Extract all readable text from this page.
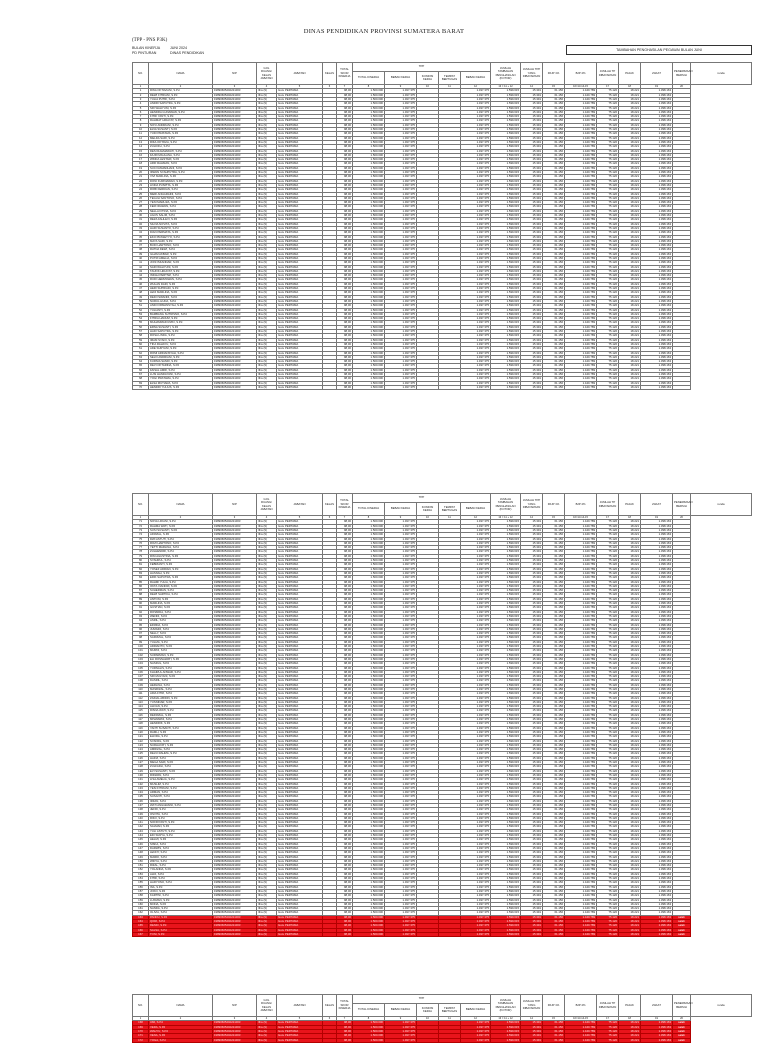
DINAS PENDIDIKAN PROVINSI SUMATERA BARAT
(TPP - PNS P3K)
BULAN KINERJA	JUNI 2024
PD PINTURAN	DINAS PENDIDIKAN
TAMBAHAN PENGHASILAN PEGAWAI BULAN JUNI
NO.	NAMA	NIP	GOL RUANG/ KELAS JABATAN	JABATAN	KELAS	TOTAL SKOR KINERJA	TPP					JUMLAH TAMBAHAN PENGHASILAN (KOTOR)	JUMLAH TPP YANG DIBAYARKAN	PAJP 1%	BJP 4%	JUMLAH TP DIBAYARKAN	PAJAK	ZAKAT	PENERIMAAN BERSIH	renda
							TOTAL KINERJA	BEBAN KERJA	KONDISI KERJA	TEMPAT BERTUGAS	BEBAN KERJA									
1	2	3	4	5	6	7	8	9	10	11	12	13 = 11 + 12	14	15	16=13-14-15	17	18	19	20	
1	RINA OKTAVIANI, S.Pd	19890605202221003	III/a (9)	Guru PERTAMA		98,00	1.500.000	1.497.375			1.497.375	1.599.615	15.391	61.156	1.440.789	75.120	18.221	1.398.163		
2	DEWI FITRIANI, S.Pd	19890605202221003	III/a (9)	Guru PERTAMA		98,00	1.500.000	1.497.375			1.497.375	1.599.615	15.391	61.156	1.440.789	75.120	18.221	1.398.163		
3	YULIA PUTRI, S.Pd	19890605202221003	III/a (9)	Guru PERTAMA		98,00	1.500.000	1.497.375			1.497.375	1.599.615	15.391	61.156	1.440.789	75.120	18.221	1.398.163		
4	ANDRI SAPUTRA, S.Pd	19890605202221003	III/a (9)	Guru PERTAMA		98,00	1.500.000	1.497.375			1.497.375	1.599.615	15.391	61.156	1.440.789	75.120	18.221	1.398.163		
5	SRI WAHYUNI, S.Pd	19890605202221003	III/a (9)	Guru PERTAMA		98,00	1.500.000	1.497.375			1.497.375	1.599.615	15.391	61.156	1.440.789	75.120	18.221	1.398.163		
6	HENDRA GUNAWAN, S.Pd	19890605202221003	III/a (9)	Guru PERTAMA		98,00	1.500.000	1.497.375			1.497.375	1.599.615	15.391	61.156	1.440.789	75.120	18.221	1.398.163		
7	FITRI YANTI, S.Pd	19890605202221003	III/a (9)	Guru PERTAMA		98,00	1.500.000	1.497.375			1.497.375	1.599.615	15.391	61.156	1.440.789	75.120	18.221	1.398.163		
8	RAHMAT HIDAYAT, S.Pd	19890605202221003	III/a (9)	Guru PERTAMA		98,00	1.500.000	1.497.375			1.497.375	1.599.615	15.391	61.156	1.440.789	75.120	18.221	1.398.163		
9	NOVI ANDRIANI, S.Pd	19890605202221003	III/a (9)	Guru PERTAMA		98,00	1.500.000	1.497.375			1.497.375	1.599.615	15.391	61.156	1.440.789	75.120	18.221	1.398.163		
10	ELVA SUSANTI, S.Pd	19890605202221003	III/a (9)	Guru PERTAMA		98,00	1.500.000	1.497.375			1.497.375	1.599.615	15.391	61.156	1.440.789	75.120	18.221	1.398.163		
11	YUDI PRATAMA, S.Pd	19890605202221003	III/a (9)	Guru PERTAMA		98,00	1.500.000	1.497.375			1.497.375	1.599.615	15.391	61.156	1.440.789	75.120	18.221	1.398.163		
12	MELDA SARI, S.Pd	19890605202221003	III/a (9)	Guru PERTAMA		98,00	1.500.000	1.497.375			1.497.375	1.599.615	15.391	61.156	1.440.789	75.120	18.221	1.398.163		
13	RIKA OKTAVIA, S.Pd	19890605202221003	III/a (9)	Guru PERTAMA		98,00	1.500.000	1.497.375			1.497.375	1.599.615	15.391	61.156	1.440.789	75.120	18.221	1.398.163		
14	ZULKIFLI, S.Pd	19890605202221003	III/a (9)	Guru PERTAMA		98,00	1.500.000	1.497.375			1.497.375	1.599.615	15.391	61.156	1.440.789	75.120	18.221	1.398.163		
15	DESI RAHMAWATI, S.Pd	19890605202221003	III/a (9)	Guru PERTAMA		98,00	1.500.000	1.497.375			1.497.375	1.599.615	15.391	61.156	1.440.789	75.120	18.221	1.398.163		
16	FAJRI MAULANA, S.Pd	19890605202221003	III/a (9)	Guru PERTAMA		98,00	1.500.000	1.497.375			1.497.375	1.599.615	15.391	61.156	1.440.789	75.120	18.221	1.398.163		
17	WINDA LESTARI, S.Pd	19890605202221003	III/a (9)	Guru PERTAMA		98,00	1.500.000	1.497.375			1.497.375	1.599.615	15.391	61.156	1.440.789	75.120	18.221	1.398.163		
18	ARIF RAHMAN, S.Pd	19890605202221003	III/a (9)	Guru PERTAMA		98,00	1.500.000	1.497.375			1.497.375	1.599.615	15.391	61.156	1.440.789	75.120	18.221	1.398.163		
19	SUCI RAMADHANI, S.Pd	19890605202221003	III/a (9)	Guru PERTAMA		98,00	1.500.000	1.497.375			1.497.375	1.599.615	15.391	61.156	1.440.789	75.120	18.221	1.398.163		
20	IRWAN SYAHPUTRA, S.Pd	19890605202221003	III/a (9)	Guru PERTAMA		98,00	1.500.000	1.497.375			1.497.375	1.599.615	15.391	61.156	1.440.789	75.120	18.221	1.398.163		
21	VIVI MARLINA, S.Pd	19890605202221003	III/a (9)	Guru PERTAMA		98,00	1.500.000	1.497.375			1.497.375	1.599.615	15.391	61.156	1.440.789	75.120	18.221	1.398.163		
22	DONI KURNIAWAN, S.Pd	19890605202221003	III/a (9)	Guru PERTAMA		98,00	1.500.000	1.497.375			1.497.375	1.599.615	15.391	61.156	1.440.789	75.120	18.221	1.398.163		
23	LINDA PUSPITA, S.Pd	19890605202221003	III/a (9)	Guru PERTAMA		98,00	1.500.000	1.497.375			1.497.375	1.599.615	15.391	61.156	1.440.789	75.120	18.221	1.398.163		
24	ROBI FERDIAN, S.Pd	19890605202221003	III/a (9)	Guru PERTAMA		98,00	1.500.000	1.497.375			1.497.375	1.599.615	15.391	61.156	1.440.789	75.120	18.221	1.398.163		
25	MERI ANGGRAINI, S.Pd	19890605202221003	III/a (9)	Guru PERTAMA		98,00	1.500.000	1.497.375			1.497.375	1.599.615	15.391	61.156	1.440.789	75.120	18.221	1.398.163		
26	TEGUH SANTOSO, S.Pd	19890605202221003	III/a (9)	Guru PERTAMA		98,00	1.500.000	1.497.375			1.497.375	1.599.615	15.391	61.156	1.440.789	75.120	18.221	1.398.163		
27	YENI MARLIZA, S.Pd	19890605202221003	III/a (9)	Guru PERTAMA		98,00	1.500.000	1.497.375			1.497.375	1.599.615	15.391	61.156	1.440.789	75.120	18.221	1.398.163		
28	FERI IRAWAN, S.Pd	19890605202221003	III/a (9)	Guru PERTAMA		98,00	1.500.000	1.497.375			1.497.375	1.599.615	15.391	61.156	1.440.789	75.120	18.221	1.398.163		
29	NELLA FITRIA, S.Pd	19890605202221003	III/a (9)	Guru PERTAMA		98,00	1.500.000	1.497.375			1.497.375	1.599.615	15.391	61.156	1.440.789	75.120	18.221	1.398.163		
30	AGUS SALIM, S.Pd	19890605202221003	III/a (9)	Guru PERTAMA		98,00	1.500.000	1.497.375			1.497.375	1.599.615	15.391	61.156	1.440.789	75.120	18.221	1.398.163		
31	REZA FAHLEVI, S.Pd	19890605202221003	III/a (9)	Guru PERTAMA		98,00	1.500.000	1.497.375			1.497.375	1.599.615	15.391	61.156	1.440.789	75.120	18.221	1.398.163		
32	SILVIA NOVITA, S.Pd	19890605202221003	III/a (9)	Guru PERTAMA		98,00	1.500.000	1.497.375			1.497.375	1.599.615	15.391	61.156	1.440.789	75.120	18.221	1.398.163		
33	HARI SUSANTO, S.Pd	19890605202221003	III/a (9)	Guru PERTAMA		98,00	1.500.000	1.497.375			1.497.375	1.599.615	15.391	61.156	1.440.789	75.120	18.221	1.398.163		
34	DIAN PERMATA, S.Pd	19890605202221003	III/a (9)	Guru PERTAMA		98,00	1.500.000	1.497.375			1.497.375	1.599.615	15.391	61.156	1.440.789	75.120	18.221	1.398.163		
35	EKO PRASETYO, S.Pd	19890605202221003	III/a (9)	Guru PERTAMA		98,00	1.500.000	1.497.375			1.497.375	1.599.615	15.391	61.156	1.440.789	75.120	18.221	1.398.163		
36	MAYA SARI, S.Pd	19890605202221003	III/a (9)	Guru PERTAMA		98,00	1.500.000	1.497.375			1.497.375	1.599.615	15.391	61.156	1.440.789	75.120	18.221	1.398.163		
37	BUDI HARTONO, S.Pd	19890605202221003	III/a (9)	Guru PERTAMA		98,00	1.500.000	1.497.375			1.497.375	1.599.615	15.391	61.156	1.440.789	75.120	18.221	1.398.163		
38	RATNA DEWI, S.Pd	19890605202221003	III/a (9)	Guru PERTAMA		98,00	1.500.000	1.497.375			1.497.375	1.599.615	15.391	61.156	1.440.789	75.120	18.221	1.398.163		
39	ILHAM AKBAR, S.Pd	19890605202221003	III/a (9)	Guru PERTAMA		98,00	1.500.000	1.497.375			1.497.375	1.599.615	15.391	61.156	1.440.789	75.120	18.221	1.398.163		
40	PUTRI AMELIA, S.Pd	19890605202221003	III/a (9)	Guru PERTAMA		98,00	1.500.000	1.497.375			1.497.375	1.599.615	15.391	61.156	1.440.789	75.120	18.221	1.398.163		
41	JONI ISKANDAR, S.Pd	19890605202221003	III/a (9)	Guru PERTAMA		98,00	1.500.000	1.497.375			1.497.375	1.599.615	15.391	61.156	1.440.789	75.120	18.221	1.398.163		
42	SARI WAHYUNI, S.Pd	19890605202221003	III/a (9)	Guru PERTAMA		98,00	1.500.000	1.497.375			1.497.375	1.599.615	15.391	61.156	1.440.789	75.120	18.221	1.398.163		
43	TAUFIK HIDAYAT, S.Pd	19890605202221003	III/a (9)	Guru PERTAMA		98,00	1.500.000	1.497.375			1.497.375	1.599.615	15.391	61.156	1.440.789	75.120	18.221	1.398.163		
44	INDAH PERTIWI, S.Pd	19890605202221003	III/a (9)	Guru PERTAMA		98,00	1.500.000	1.497.375			1.497.375	1.599.615	15.391	61.156	1.440.789	75.120	18.221	1.398.163		
45	RUDI HERMAWAN, S.Pd	19890605202221003	III/a (9)	Guru PERTAMA		98,00	1.500.000	1.497.375			1.497.375	1.599.615	15.391	61.156	1.440.789	75.120	18.221	1.398.163		
46	WULAN DARI, S.Pd	19890605202221003	III/a (9)	Guru PERTAMA		98,00	1.500.000	1.497.375			1.497.375	1.599.615	15.391	61.156	1.440.789	75.120	18.221	1.398.163		
47	HERI SUPRIADI, S.Pd	19890605202221003	III/a (9)	Guru PERTAMA		98,00	1.500.000	1.497.375			1.497.375	1.599.615	15.391	61.156	1.440.789	75.120	18.221	1.398.163		
48	LENI MARLINA, S.Pd	19890605202221003	III/a (9)	Guru PERTAMA		98,00	1.500.000	1.497.375			1.497.375	1.599.615	15.391	61.156	1.440.789	75.120	18.221	1.398.163		
49	DEDI ISWANDI, S.Pd	19890605202221003	III/a (9)	Guru PERTAMA		98,00	1.500.000	1.497.375			1.497.375	1.599.615	15.391	61.156	1.440.789	75.120	18.221	1.398.163		
50	NURUL HUDA, S.Pd	19890605202221003	III/a (9)	Guru PERTAMA		98,00	1.500.000	1.497.375			1.497.375	1.599.615	15.391	61.156	1.440.789	75.120	18.221	1.398.163		
51	ANDI FIRMANSYAH, S.Pd	19890605202221003	III/a (9)	Guru PERTAMA		98,00	1.500.000	1.497.375			1.497.375	1.599.615	15.391	61.156	1.440.789	75.120	18.221	1.398.163		
52	YULIANTI, S.Pd	19890605202221003	III/a (9)	Guru PERTAMA		98,00	1.500.000	1.497.375			1.497.375	1.599.615	15.391	61.156	1.440.789	75.120	18.221	1.398.163		
53	BAMBANG SUTRISNO, S.Pd	19890605202221003	III/a (9)	Guru PERTAMA		98,00	1.500.000	1.497.375			1.497.375	1.599.615	15.391	61.156	1.440.789	75.120	18.221	1.398.163		
54	FITRIA HANUM, S.Pd	19890605202221003	III/a (9)	Guru PERTAMA		98,00	1.500.000	1.497.375			1.497.375	1.599.615	15.391	61.156	1.440.789	75.120	18.221	1.398.163		
55	MUHAMMAD RIZKI, S.Pd	19890605202221003	III/a (9)	Guru PERTAMA		98,00	1.500.000	1.497.375			1.497.375	1.599.615	15.391	61.156	1.440.789	75.120	18.221	1.398.163		
56	ERNA SUSANTI, S.Pd	19890605202221003	III/a (9)	Guru PERTAMA		98,00	1.500.000	1.497.375			1.497.375	1.599.615	15.391	61.156	1.440.789	75.120	18.221	1.398.163		
57	HADI SAPUTRA, S.Pd	19890605202221003	III/a (9)	Guru PERTAMA		98,00	1.500.000	1.497.375			1.497.375	1.599.615	15.391	61.156	1.440.789	75.120	18.221	1.398.163		
58	ROSA LINDA, S.Pd	19890605202221003	III/a (9)	Guru PERTAMA		98,00	1.500.000	1.497.375			1.497.375	1.599.615	15.391	61.156	1.440.789	75.120	18.221	1.398.163		
59	IMAM SYAFII, S.Pd	19890605202221003	III/a (9)	Guru PERTAMA		98,00	1.500.000	1.497.375			1.497.375	1.599.615	15.391	61.156	1.440.789	75.120	18.221	1.398.163		
60	TIKA RAHAYU, S.Pd	19890605202221003	III/a (9)	Guru PERTAMA		98,00	1.500.000	1.497.375			1.497.375	1.599.615	15.391	61.156	1.440.789	75.120	18.221	1.398.163		
61	ADE SURYANI, S.Pd	19890605202221003	III/a (9)	Guru PERTAMA		98,00	1.500.000	1.497.375			1.497.375	1.599.615	15.391	61.156	1.440.789	75.120	18.221	1.398.163		
62	ROMI ARDIANSYAH, S.Pd	19890605202221003	III/a (9)	Guru PERTAMA		98,00	1.500.000	1.497.375			1.497.375	1.599.615	15.391	61.156	1.440.789	75.120	18.221	1.398.163		
63	SELVI ANDRIANI, S.Pd	19890605202221003	III/a (9)	Guru PERTAMA		98,00	1.500.000	1.497.375			1.497.375	1.599.615	15.391	61.156	1.440.789	75.120	18.221	1.398.163		
64	KURNIA SANDI, S.Pd	19890605202221003	III/a (9)	Guru PERTAMA		98,00	1.500.000	1.497.375			1.497.375	1.599.615	15.391	61.156	1.440.789	75.120	18.221	1.398.163		
65	DEVI OKTARINA, S.Pd	19890605202221003	III/a (9)	Guru PERTAMA		98,00	1.500.000	1.497.375			1.497.375	1.599.615	15.391	61.156	1.440.789	75.120	18.221	1.398.163		
66	FAISAL AMRI, S.Pd	19890605202221003	III/a (9)	Guru PERTAMA		98,00	1.500.000	1.497.375			1.497.375	1.599.615	15.391	61.156	1.440.789	75.120	18.221	1.398.163		
67	LUSI HANDAYANI, S.Pd	19890605202221003	III/a (9)	Guru PERTAMA		98,00	1.500.000	1.497.375			1.497.375	1.599.615	15.391	61.156	1.440.789	75.120	18.221	1.398.163		
68	YOGI PRATAMA, S.Pd	19890605202221003	III/a (9)	Guru PERTAMA		98,00	1.500.000	1.497.375			1.497.375	1.599.615	15.391	61.156	1.440.789	75.120	18.221	1.398.163		
69	ELSA MUTIARA, S.Pd	19890605202221003	III/a (9)	Guru PERTAMA		98,00	1.500.000	1.497.375			1.497.375	1.599.615	15.391	61.156	1.440.789	75.120	18.221	1.398.163		
70	HENDRI YULIUS, S.Pd	19890605202221003	III/a (9)	Guru PERTAMA		98,00	1.500.000	1.497.375			1.497.375	1.599.615	15.391	61.156	1.440.789	75.120	18.221	1.398.163		
NO.	NAMA	NIP	GOL RUANG/ KELAS JABATAN	JABATAN	KELAS	TOTAL SKOR KINERJA	TPP					JUMLAH TAMBAHAN PENGHASILAN (KOTOR)	JUMLAH TPP YANG DIBAYARKAN	PAJP 1%	BJP 4%	JUMLAH TP DIBAYARKAN	PAJAK	ZAKAT	PENERIMAAN BERSIH	renda
							TOTAL KINERJA	BEBAN KERJA	KONDISI KERJA	TEMPAT BERTUGAS	BEBAN KERJA									
1	2	3	4	5	6	7	8	9	10	11	12	13 = 11 + 12	14	15	16=13-14-15	17	18	19	20	
71	NOVA LIFIANI, S.Pd	19890605202221003	III/a (9)	Guru PERTAMA		98,00	1.500.000	1.497.375			1.497.375	1.599.615	15.391	61.156	1.440.789	75.120	18.221	1.398.163		
72	RAHMA WATI, S.Pd	19890605202221003	III/a (9)	Guru PERTAMA		98,00	1.500.000	1.497.375			1.497.375	1.599.615	15.391	61.156	1.440.789	75.120	18.221	1.398.163		
73	SUSI SUSANTI, S.Pd	19890605202221003	III/a (9)	Guru PERTAMA		98,00	1.500.000	1.497.375			1.497.375	1.599.615	15.391	61.156	1.440.789	75.120	18.221	1.398.163		
74	AFRIZAL, S.Pd	19890605202221003	III/a (9)	Guru PERTAMA		98,00	1.500.000	1.497.375			1.497.375	1.599.615	15.391	61.156	1.440.789	75.120	18.221	1.398.163		
75	DWI ASTUTI, S.Pd	19890605202221003	III/a (9)	Guru PERTAMA		98,00	1.500.000	1.497.375			1.497.375	1.599.615	15.391	61.156	1.440.789	75.120	18.221	1.398.163		
76	ROZI HARTONO, S.Pd	19890605202221003	III/a (9)	Guru PERTAMA		98,00	1.500.000	1.497.375			1.497.375	1.599.615	15.391	61.156	1.440.789	75.120	18.221	1.398.163		
77	YETTI MARLINA, S.Pd	19890605202221003	III/a (9)	Guru PERTAMA		98,00	1.500.000	1.497.375			1.497.375	1.599.615	15.391	61.156	1.440.789	75.120	18.221	1.398.163		
78	ZULHENDRI, S.Pd	19890605202221003	III/a (9)	Guru PERTAMA		98,00	1.500.000	1.497.375			1.497.375	1.599.615	15.391	61.156	1.440.789	75.120	18.221	1.398.163		
79	RINI AGUSTINA, S.Pd	19890605202221003	III/a (9)	Guru PERTAMA		98,00	1.500.000	1.497.375			1.497.375	1.599.615	15.391	61.156	1.440.789	75.120	18.221	1.398.163		
80	SYAHRUL, S.Pd	19890605202221003	III/a (9)	Guru PERTAMA		98,00	1.500.000	1.497.375			1.497.375	1.599.615	15.391	61.156	1.440.789	75.120	18.221	1.398.163		
81	FEBRIANTI, S.Pd	19890605202221003	III/a (9)	Guru PERTAMA		98,00	1.500.000	1.497.375			1.497.375	1.599.615	15.391	61.156	1.440.789	75.120	18.221	1.398.163		
82	YOSEF ADRIAN, S.Pd	19890605202221003	III/a (9)	Guru PERTAMA		98,00	1.500.000	1.497.375			1.497.375	1.599.615	15.391	61.156	1.440.789	75.120	18.221	1.398.163		
83	HASNAH, S.Pd	19890605202221003	III/a (9)	Guru PERTAMA		98,00	1.500.000	1.497.375			1.497.375	1.599.615	15.391	61.156	1.440.789	75.120	18.221	1.398.163		
84	ERIK SAPUTRA, S.Pd	19890605202221003	III/a (9)	Guru PERTAMA		98,00	1.500.000	1.497.375			1.497.375	1.599.615	15.391	61.156	1.440.789	75.120	18.221	1.398.163		
85	RAHMI YULIA, S.Pd	19890605202221003	III/a (9)	Guru PERTAMA		98,00	1.500.000	1.497.375			1.497.375	1.599.615	15.391	61.156	1.440.789	75.120	18.221	1.398.163		
86	OKTA VIANDRI, S.Pd	19890605202221003	III/a (9)	Guru PERTAMA		98,00	1.500.000	1.497.375			1.497.375	1.599.615	15.391	61.156	1.440.789	75.120	18.221	1.398.163		
87	SUHERMAN, S.Pd	19890605202221003	III/a (9)	Guru PERTAMA		98,00	1.500.000	1.497.375			1.497.375	1.599.615	15.391	61.156	1.440.789	75.120	18.221	1.398.163		
88	DEWI SARTIKA, S.Pd	19890605202221003	III/a (9)	Guru PERTAMA		98,00	1.500.000	1.497.375			1.497.375	1.599.615	15.391	61.156	1.440.789	75.120	18.221	1.398.163		
89	ANTONI, S.Pd	19890605202221003	III/a (9)	Guru PERTAMA		98,00	1.500.000	1.497.375			1.497.375	1.599.615	15.391	61.156	1.440.789	75.120	18.221	1.398.163		
90	MARLINA, S.Pd	19890605202221003	III/a (9)	Guru PERTAMA		98,00	1.500.000	1.497.375			1.497.375	1.599.615	15.391	61.156	1.440.789	75.120	18.221	1.398.163		
91	GUSTIAN, S.Pd	19890605202221003	III/a (9)	Guru PERTAMA		98,00	1.500.000	1.497.375			1.497.375	1.599.615	15.391	61.156	1.440.789	75.120	18.221	1.398.163		
92	ROSMIDA, S.Pd	19890605202221003	III/a (9)	Guru PERTAMA		98,00	1.500.000	1.497.375			1.497.375	1.599.615	15.391	61.156	1.440.789	75.120	18.221	1.398.163		
93	WENDI, S.Pd	19890605202221003	III/a (9)	Guru PERTAMA		98,00	1.500.000	1.497.375			1.497.375	1.599.615	15.391	61.156	1.440.789	75.120	18.221	1.398.163		
94	ASRIL, S.Pd	19890605202221003	III/a (9)	Guru PERTAMA		98,00	1.500.000	1.497.375			1.497.375	1.599.615	15.391	61.156	1.440.789	75.120	18.221	1.398.163		
95	EFRIDA, S.Pd	19890605202221003	III/a (9)	Guru PERTAMA		98,00	1.500.000	1.497.375			1.497.375	1.599.615	15.391	61.156	1.440.789	75.120	18.221	1.398.163		
96	JUMAIDI, S.Pd	19890605202221003	III/a (9)	Guru PERTAMA		98,00	1.500.000	1.497.375			1.497.375	1.599.615	15.391	61.156	1.440.789	75.120	18.221	1.398.163		
97	NELLY, S.Pd	19890605202221003	III/a (9)	Guru PERTAMA		98,00	1.500.000	1.497.375			1.497.375	1.599.615	15.391	61.156	1.440.789	75.120	18.221	1.398.163		
98	SAFRIZAL, S.Pd	19890605202221003	III/a (9)	Guru PERTAMA		98,00	1.500.000	1.497.375			1.497.375	1.599.615	15.391	61.156	1.440.789	75.120	18.221	1.398.163		
99	YULIZA, S.Pd	19890605202221003	III/a (9)	Guru PERTAMA		98,00	1.500.000	1.497.375			1.497.375	1.599.615	15.391	61.156	1.440.789	75.120	18.221	1.398.163		
100	ADRIANTO, S.Pd	19890605202221003	III/a (9)	Guru PERTAMA		98,00	1.500.000	1.497.375			1.497.375	1.599.615	15.391	61.156	1.440.789	75.120	18.221	1.398.163		
101	MURNI, S.Pd	19890605202221003	III/a (9)	Guru PERTAMA		98,00	1.500.000	1.497.375			1.497.375	1.599.615	15.391	61.156	1.440.789	75.120	18.221	1.398.163		
102	SUPARMAN, S.Pd	19890605202221003	III/a (9)	Guru PERTAMA		98,00	1.500.000	1.497.375			1.497.375	1.599.615	15.391	61.156	1.440.789	75.120	18.221	1.398.163		
103	ELI ROSNAWATI, S.Pd	19890605202221003	III/a (9)	Guru PERTAMA		98,00	1.500.000	1.497.375			1.497.375	1.599.615	15.391	61.156	1.440.789	75.120	18.221	1.398.163		
104	NASRUL, S.Pd	19890605202221003	III/a (9)	Guru PERTAMA		98,00	1.500.000	1.497.375			1.497.375	1.599.615	15.391	61.156	1.440.789	75.120	18.221	1.398.163		
105	YURNALIS, S.Pd	19890605202221003	III/a (9)	Guru PERTAMA		98,00	1.500.000	1.497.375			1.497.375	1.599.615	15.391	61.156	1.440.789	75.120	18.221	1.398.163		
106	KHAIRUL ANWAR, S.Pd	19890605202221003	III/a (9)	Guru PERTAMA		98,00	1.500.000	1.497.375			1.497.375	1.599.615	15.391	61.156	1.440.789	75.120	18.221	1.398.163		
107	SRI MULYANI, S.Pd	19890605202221003	III/a (9)	Guru PERTAMA		98,00	1.500.000	1.497.375			1.497.375	1.599.615	15.391	61.156	1.440.789	75.120	18.221	1.398.163		
108	DASRIL, S.Pd	19890605202221003	III/a (9)	Guru PERTAMA		98,00	1.500.000	1.497.375			1.497.375	1.599.615	15.391	61.156	1.440.789	75.120	18.221	1.398.163		
109	HERLINA, S.Pd	19890605202221003	III/a (9)	Guru PERTAMA		98,00	1.500.000	1.497.375			1.497.375	1.599.615	15.391	61.156	1.440.789	75.120	18.221	1.398.163		
110	MASRIZAL, S.Pd	19890605202221003	III/a (9)	Guru PERTAMA		98,00	1.500.000	1.497.375			1.497.375	1.599.615	15.391	61.156	1.440.789	75.120	18.221	1.398.163		
111	AIDA FITRI, S.Pd	19890605202221003	III/a (9)	Guru PERTAMA		98,00	1.500.000	1.497.375			1.497.375	1.599.615	15.391	61.156	1.440.789	75.120	18.221	1.398.163		
112	ZAINAL ABIDIN, S.Pd	19890605202221003	III/a (9)	Guru PERTAMA		98,00	1.500.000	1.497.375			1.497.375	1.599.615	15.391	61.156	1.440.789	75.120	18.221	1.398.163		
113	YUSNIDAR, S.Pd	19890605202221003	III/a (9)	Guru PERTAMA		98,00	1.500.000	1.497.375			1.497.375	1.599.615	15.391	61.156	1.440.789	75.120	18.221	1.398.163		
114	ALFIAN, S.Pd	19890605202221003	III/a (9)	Guru PERTAMA		98,00	1.500.000	1.497.375			1.497.375	1.599.615	15.391	61.156	1.440.789	75.120	18.221	1.398.163		
115	RISNA WATI, S.Pd	19890605202221003	III/a (9)	Guru PERTAMA		98,00	1.500.000	1.497.375			1.497.375	1.599.615	15.391	61.156	1.440.789	75.120	18.221	1.398.163		
116	DEFRIZAL, S.Pd	19890605202221003	III/a (9)	Guru PERTAMA		98,00	1.500.000	1.497.375			1.497.375	1.599.615	15.391	61.156	1.440.789	75.120	18.221	1.398.163		
117	MISWARNI, S.Pd	19890605202221003	III/a (9)	Guru PERTAMA		98,00	1.500.000	1.497.375			1.497.375	1.599.615	15.391	61.156	1.440.789	75.120	18.221	1.398.163		
118	HENDRIK, S.Pd	19890605202221003	III/a (9)	Guru PERTAMA		98,00	1.500.000	1.497.375			1.497.375	1.599.615	15.391	61.156	1.440.789	75.120	18.221	1.398.163		
119	YANTI SUSANTI, S.Pd	19890605202221003	III/a (9)	Guru PERTAMA		98,00	1.500.000	1.497.375			1.497.375	1.599.615	15.391	61.156	1.440.789	75.120	18.221	1.398.163		
120	RAMLI, S.Pd	19890605202221003	III/a (9)	Guru PERTAMA		98,00	1.500.000	1.497.375			1.497.375	1.599.615	15.391	61.156	1.440.789	75.120	18.221	1.398.163		
121	ELFIRA, S.Pd	19890605202221003	III/a (9)	Guru PERTAMA		98,00	1.500.000	1.497.375			1.497.375	1.599.615	15.391	61.156	1.440.789	75.120	18.221	1.398.163		
122	SYAFRIL, S.Pd	19890605202221003	III/a (9)	Guru PERTAMA		98,00	1.500.000	1.497.375			1.497.375	1.599.615	15.391	61.156	1.440.789	75.120	18.221	1.398.163		
123	NURHAYATI, S.Pd	19890605202221003	III/a (9)	Guru PERTAMA		98,00	1.500.000	1.497.375			1.497.375	1.599.615	15.391	61.156	1.440.789	75.120	18.221	1.398.163		
124	AMRIZAL, S.Pd	19890605202221003	III/a (9)	Guru PERTAMA		98,00	1.500.000	1.497.375			1.497.375	1.599.615	15.391	61.156	1.440.789	75.120	18.221	1.398.163		
125	DELVI RAHMA, S.Pd	19890605202221003	III/a (9)	Guru PERTAMA		98,00	1.500.000	1.497.375			1.497.375	1.599.615	15.391	61.156	1.440.789	75.120	18.221	1.398.163		
126	HAFIZ, S.Pd	19890605202221003	III/a (9)	Guru PERTAMA		98,00	1.500.000	1.497.375			1.497.375	1.599.615	15.391	61.156	1.440.789	75.120	18.221	1.398.163		
127	MEGA SARI, S.Pd	19890605202221003	III/a (9)	Guru PERTAMA		98,00	1.500.000	1.497.375			1.497.375	1.599.615	15.391	61.156	1.440.789	75.120	18.221	1.398.163		
128	ZULFADLI, S.Pd	19890605202221003	III/a (9)	Guru PERTAMA		98,00	1.500.000	1.497.375			1.497.375	1.599.615	15.391	61.156	1.440.789	75.120	18.221	1.398.163		
129	EVI SUSANTI, S.Pd	19890605202221003	III/a (9)	Guru PERTAMA		98,00	1.500.000	1.497.375			1.497.375	1.599.615	15.391	61.156	1.440.789	75.120	18.221	1.398.163		
130	RIDWAN, S.Pd	19890605202221003	III/a (9)	Guru PERTAMA		98,00	1.500.000	1.497.375			1.497.375	1.599.615	15.391	61.156	1.440.789	75.120	18.221	1.398.163		
131	LISA AMELIA, S.Pd	19890605202221003	III/a (9)	Guru PERTAMA		98,00	1.500.000	1.497.375			1.497.375	1.599.615	15.391	61.156	1.440.789	75.120	18.221	1.398.163		
132	MUSLIM, S.Pd	19890605202221003	III/a (9)	Guru PERTAMA		98,00	1.500.000	1.497.375			1.497.375	1.599.615	15.391	61.156	1.440.789	75.120	18.221	1.398.163		
133	YESI FITRIANI, S.Pd	19890605202221003	III/a (9)	Guru PERTAMA		98,00	1.500.000	1.497.375			1.497.375	1.599.615	15.391	61.156	1.440.789	75.120	18.221	1.398.163		
134	ARMAN, S.Pd	19890605202221003	III/a (9)	Guru PERTAMA		98,00	1.500.000	1.497.375			1.497.375	1.599.615	15.391	61.156	1.440.789	75.120	18.221	1.398.163		
135	SUSANTI, S.Pd	19890605202221003	III/a (9)	Guru PERTAMA		98,00	1.500.000	1.497.375			1.497.375	1.599.615	15.391	61.156	1.440.789	75.120	18.221	1.398.163		
136	IRFAN, S.Pd	19890605202221003	III/a (9)	Guru PERTAMA		98,00	1.500.000	1.497.375			1.497.375	1.599.615	15.391	61.156	1.440.789	75.120	18.221	1.398.163		
137	WATI ANGGRAINI, S.Pd	19890605202221003	III/a (9)	Guru PERTAMA		98,00	1.500.000	1.497.375			1.497.375	1.599.615	15.391	61.156	1.440.789	75.120	18.221	1.398.163		
138	JEFRI, S.Pd	19890605202221003	III/a (9)	Guru PERTAMA		98,00	1.500.000	1.497.375			1.497.375	1.599.615	15.391	61.156	1.440.789	75.120	18.221	1.398.163		
139	OSVITA, S.Pd	19890605202221003	III/a (9)	Guru PERTAMA		98,00	1.500.000	1.497.375			1.497.375	1.599.615	15.391	61.156	1.440.789	75.120	18.221	1.398.163		
140	RIKO, S.Pd	19890605202221003	III/a (9)	Guru PERTAMA		98,00	1.500.000	1.497.375			1.497.375	1.599.615	15.391	61.156	1.440.789	75.120	18.221	1.398.163		
141	NOFRIYANTI, S.Pd	19890605202221003	III/a (9)	Guru PERTAMA		98,00	1.500.000	1.497.375			1.497.375	1.599.615	15.391	61.156	1.440.789	75.120	18.221	1.398.163		
142	SALMAN, S.Pd	19890605202221003	III/a (9)	Guru PERTAMA		98,00	1.500.000	1.497.375			1.497.375	1.599.615	15.391	61.156	1.440.789	75.120	18.221	1.398.163		
143	YULI ASTUTI, S.Pd	19890605202221003	III/a (9)	Guru PERTAMA		98,00	1.500.000	1.497.375			1.497.375	1.599.615	15.391	61.156	1.440.789	75.120	18.221	1.398.163		
144	EDI SURYA, S.Pd	19890605202221003	III/a (9)	Guru PERTAMA		98,00	1.500.000	1.497.375			1.497.375	1.599.615	15.391	61.156	1.440.789	75.120	18.221	1.398.163		
145	HELMI, S.Pd	19890605202221003	III/a (9)	Guru PERTAMA		98,00	1.500.000	1.497.375			1.497.375	1.599.615	15.391	61.156	1.440.789	75.120	18.221	1.398.163		
146	SISKA, S.Pd	19890605202221003	III/a (9)	Guru PERTAMA		98,00	1.500.000	1.497.375			1.497.375	1.599.615	15.391	61.156	1.440.789	75.120	18.221	1.398.163		
147	DARWIS, S.Pd	19890605202221003	III/a (9)	Guru PERTAMA		98,00	1.500.000	1.497.375			1.497.375	1.599.615	15.391	61.156	1.440.789	75.120	18.221	1.398.163		
148	LENNY, S.Pd	19890605202221003	III/a (9)	Guru PERTAMA		98,00	1.500.000	1.497.375			1.497.375	1.599.615	15.391	61.156	1.440.789	75.120	18.221	1.398.163		
149	MARDI, S.Pd	19890605202221003	III/a (9)	Guru PERTAMA		98,00	1.500.000	1.497.375			1.497.375	1.599.615	15.391	61.156	1.440.789	75.120	18.221	1.398.163		
150	WIDYA, S.Pd	19890605202221003	III/a (9)	Guru PERTAMA		98,00	1.500.000	1.497.375			1.497.375	1.599.615	15.391	61.156	1.440.789	75.120	18.221	1.398.163		
151	RIZAL, S.Pd	19890605202221003	III/a (9)	Guru PERTAMA		98,00	1.500.000	1.497.375			1.497.375	1.599.615	15.391	61.156	1.440.789	75.120	18.221	1.398.163		
152	YOLANDA, S.Pd	19890605202221003	III/a (9)	Guru PERTAMA		98,00	1.500.000	1.497.375			1.497.375	1.599.615	15.391	61.156	1.440.789	75.120	18.221	1.398.163		
153	ALDI, S.Pd	19890605202221003	III/a (9)	Guru PERTAMA		98,00	1.500.000	1.497.375			1.497.375	1.599.615	15.391	61.156	1.440.789	75.120	18.221	1.398.163		
154	FITRI, S.Pd	19890605202221003	III/a (9)	Guru PERTAMA		98,00	1.500.000	1.497.375			1.497.375	1.599.615	15.391	61.156	1.440.789	75.120	18.221	1.398.163		
155	HARYONO, S.Pd	19890605202221003	III/a (9)	Guru PERTAMA		98,00	1.500.000	1.497.375			1.497.375	1.599.615	15.391	61.156	1.440.789	75.120	18.221	1.398.163		
156	INA, S.Pd	19890605202221003	III/a (9)	Guru PERTAMA		98,00	1.500.000	1.497.375			1.497.375	1.599.615	15.391	61.156	1.440.789	75.120	18.221	1.398.163		
157	JOKO, S.Pd	19890605202221003	III/a (9)	Guru PERTAMA		98,00	1.500.000	1.497.375			1.497.375	1.599.615	15.391	61.156	1.440.789	75.120	18.221	1.398.163		
158	KARTINI, S.Pd	19890605202221003	III/a (9)	Guru PERTAMA		98,00	1.500.000	1.497.375			1.497.375	1.599.615	15.391	61.156	1.440.789	75.120	18.221	1.398.163		
159	LUKMAN, S.Pd	19890605202221003	III/a (9)	Guru PERTAMA		98,00	1.500.000	1.497.375			1.497.375	1.599.615	15.391	61.156	1.440.789	75.120	18.221	1.398.163		
160	MONA, S.Pd	19890605202221003	III/a (9)	Guru PERTAMA		98,00	1.500.000	1.497.375			1.497.375	1.599.615	15.391	61.156	1.440.789	75.120	18.221	1.398.163		
161	NANDA, S.Pd	19890605202221003	III/a (9)	Guru PERTAMA		98,00	1.500.000	1.497.375			1.497.375	1.599.615	15.391	61.156	1.440.789	75.120	18.221	1.398.163		
162	OLIVIA, S.Pd	19890605202221003	III/a (9)	Guru PERTAMA		98,00	1.500.000	1.497.375			1.497.375	1.599.615	15.391	61.156	1.440.789	75.120	18.221	1.398.163		
163	PANDU, S.Pd	19890605202221003	III/a (9)	Guru PERTAMA		98,00	1.500.000	1.497.375			1.497.375	1.599.615	15.391	61.156	1.440.789	75.120	18.221	1.398.163	salah	
164	QORI, S.Pd	19890605202221003	III/a (9)	Guru PERTAMA		98,00	1.500.000	1.497.375			1.497.375	1.599.615	15.391	61.156	1.440.789	75.120	18.221	1.398.163	salah	
165	RENDI, S.Pd	19890605202221003	III/a (9)	Guru PERTAMA		98,00	1.500.000	1.497.375			1.497.375	1.599.615	15.391	61.156	1.440.789	75.120	18.221	1.398.163	salah	
166	SALSA, S.Pd	19890605202221003	III/a (9)	Guru PERTAMA		98,00	1.500.000	1.497.375			1.497.375	1.599.615	15.391	61.156	1.440.789	75.120	18.221	1.398.163	salah	
167	TONI, S.Pd	19890605202221003	III/a (9)	Guru PERTAMA		98,00	1.500.000	1.497.375			1.497.375	1.599.615	15.391	61.156	1.440.789	75.120	18.221	1.398.163	salah	
NO.	NAMA	NIP	GOL RUANG/ KELAS JABATAN	JABATAN	KELAS	TOTAL SKOR KINERJA	TPP					JUMLAH TAMBAHAN PENGHASILAN (KOTOR)	JUMLAH TPP YANG DIBAYARKAN	PAJP 1%	BJP 4%	JUMLAH TP DIBAYARKAN	PAJAK	ZAKAT	PENERIMAAN BERSIH	renda
							TOTAL KINERJA	BEBAN KERJA	KONDISI KERJA	TEMPAT BERTUGAS	BEBAN KERJA									
1	2	3	4	5	6	7	8	9	10	11	12	13 = 11 + 12	14	15	16=13-14-15	17	18	19	20	
168	UMI, S.Pd	19890605202221003	III/a (9)	Guru PERTAMA		98,00	1.500.000	1.497.375			1.497.375	1.599.615	15.391	61.156	1.440.789	75.120	18.221	1.398.163	salah	
169	VERA, S.Pd	19890605202221003	III/a (9)	Guru PERTAMA		98,00	1.500.000	1.497.375			1.497.375	1.599.615	15.391	61.156	1.440.789	75.120	18.221	1.398.163	salah	
170	WAHYU, S.Pd	19890605202221003	III/a (9)	Guru PERTAMA		98,00	1.500.000	1.497.375			1.497.375	1.599.615	15.391	61.156	1.440.789	75.120	18.221	1.398.163	salah	
171	XENA, S.Pd	19890605202221003	III/a (9)	Guru PERTAMA		98,00	1.500.000	1.497.375			1.497.375	1.599.615	15.391	61.156	1.440.789	75.120	18.221	1.398.163	salah	
172	YOGA, S.Pd	19890605202221003	III/a (9)	Guru PERTAMA		98,00	1.500.000	1.497.375			1.497.375	1.599.615	15.391	61.156	1.440.789	75.120	18.221	1.398.163	salah	
